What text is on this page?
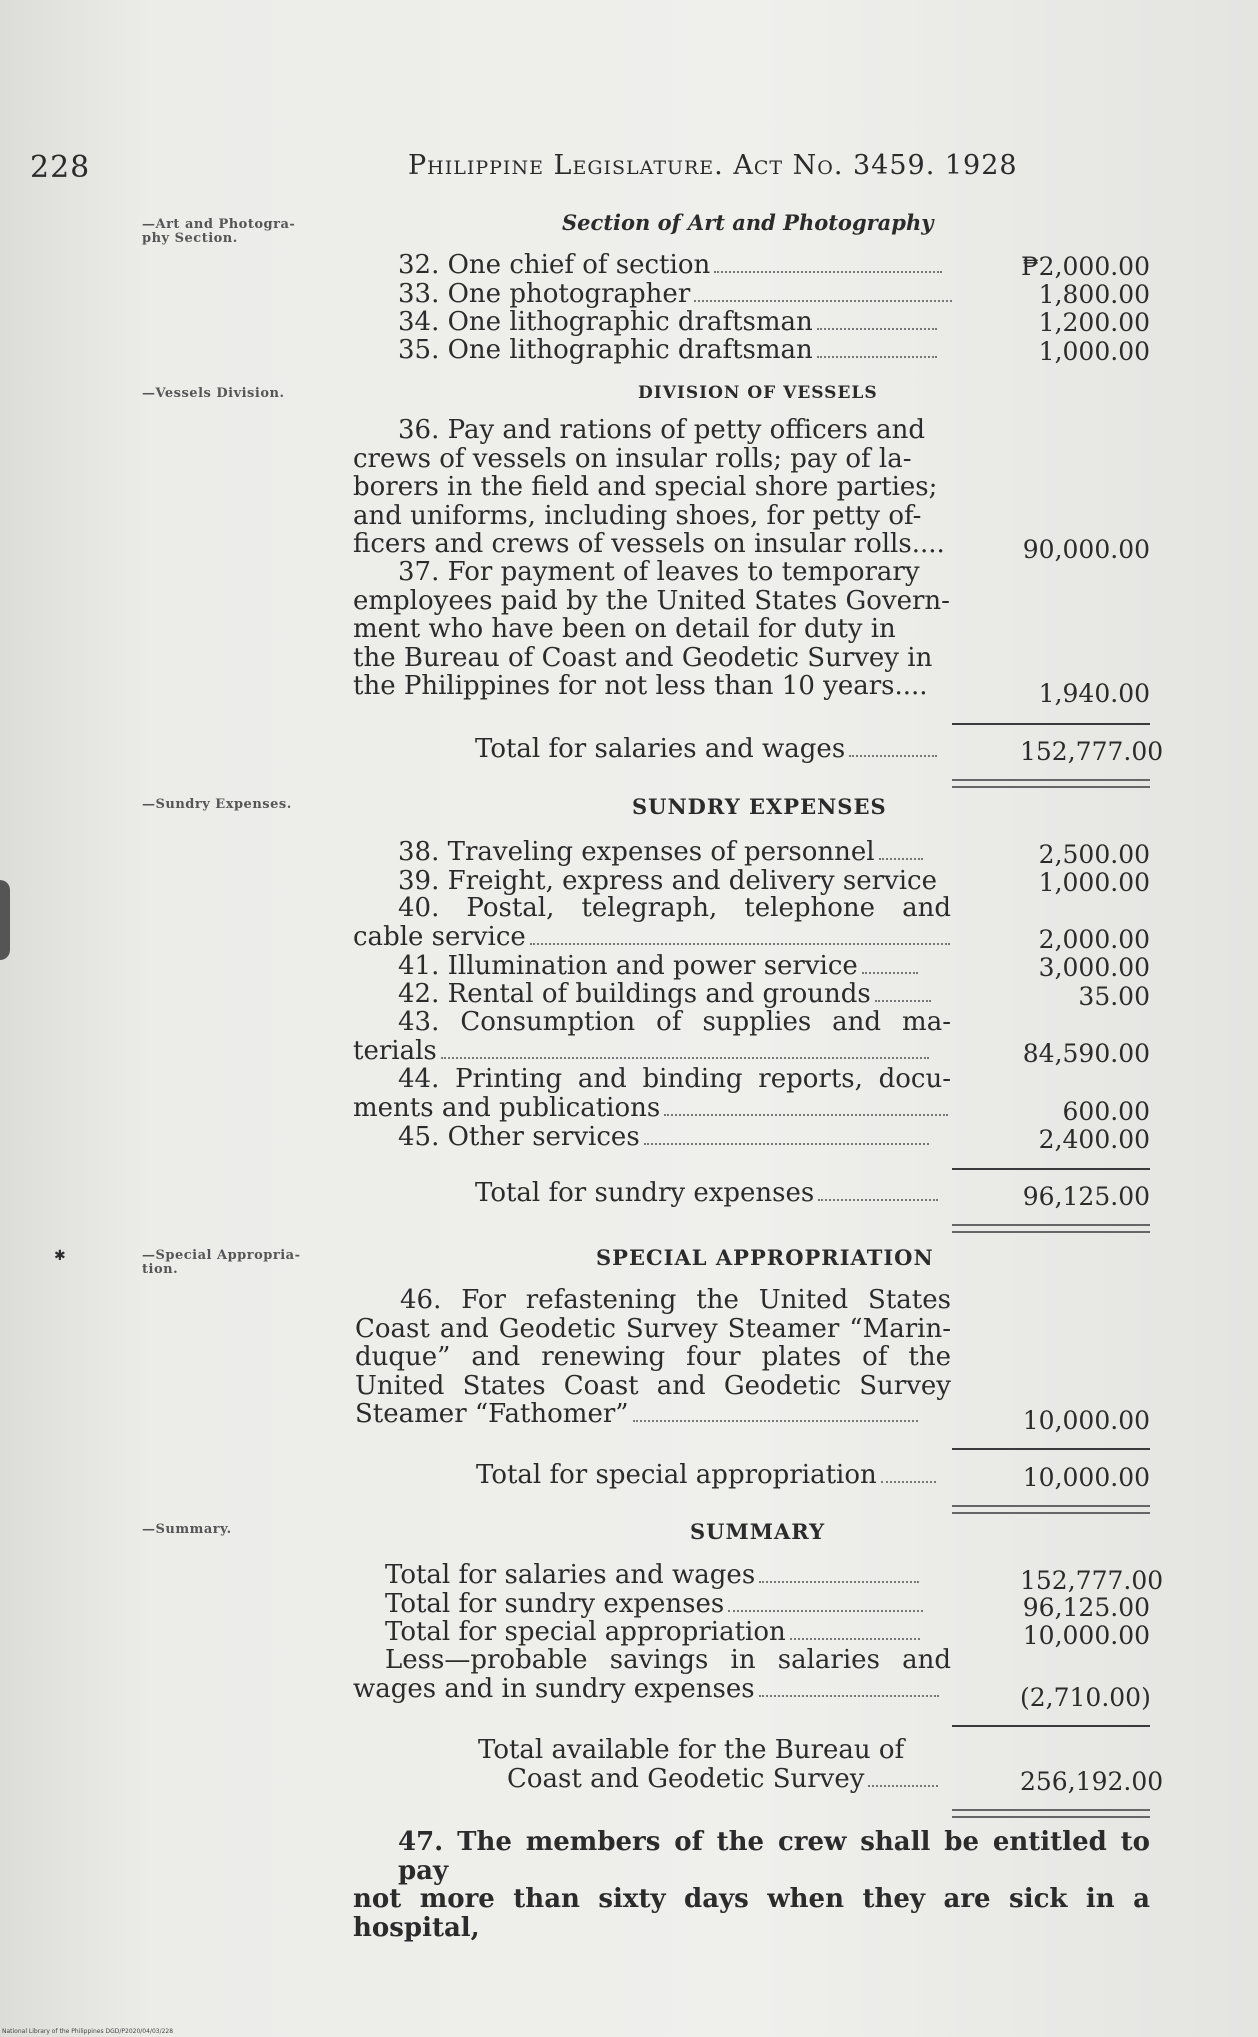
228	Philippine Legislature. Act No. 3459. 1928
—Art and Photogra-
phy Section.
—Vessels Division.
—Sundry Expenses.
—Special Appropria-
tion.
—Summary.
✱
Section of Art and Photography
32. One chief of section	₱2,000.00
33. One photographer	1,800.00
34. One lithographic draftsman	1,200.00
35. One lithographic draftsman	1,000.00
DIVISION OF VESSELS
36. Pay and rations of petty officers and
crews of vessels on insular rolls; pay of la-
borers in the field and special shore parties;
and uniforms, including shoes, for petty of-
ficers and crews of vessels on insular rolls....	90,000.00
37. For payment of leaves to temporary
employees paid by the United States Govern-
ment who have been on detail for duty in
the Bureau of Coast and Geodetic Survey in
the Philippines for not less than 10 years....	1,940.00
Total for salaries and wages	152,777.00
SUNDRY EXPENSES
38. Traveling expenses of personnel	2,500.00
39. Freight, express and delivery service	1,000.00
40. Postal, telegraph, telephone and
cable service	2,000.00
41. Illumination and power service	3,000.00
42. Rental of buildings and grounds	35.00
43. Consumption of supplies and ma-
terials	84,590.00
44. Printing and binding reports, docu-
ments and publications	600.00
45. Other services	2,400.00
Total for sundry expenses	96,125.00
SPECIAL APPROPRIATION
46. For refastening the United States
Coast and Geodetic Survey Steamer “Marin-
duque” and renewing four plates of the
United States Coast and Geodetic Survey
Steamer “Fathomer”	10,000.00
Total for special appropriation	10,000.00
SUMMARY
Total for salaries and wages	152,777.00
Total for sundry expenses	96,125.00
Total for special appropriation	10,000.00
Less—probable savings in salaries and
wages and in sundry expenses	(2,710.00)
Total available for the Bureau of
Coast and Geodetic Survey	256,192.00
47. The members of the crew shall be entitled to pay
not more than sixty days when they are sick in a hospital,
National Library of the Philippines DGD/P2020/04/03/228
